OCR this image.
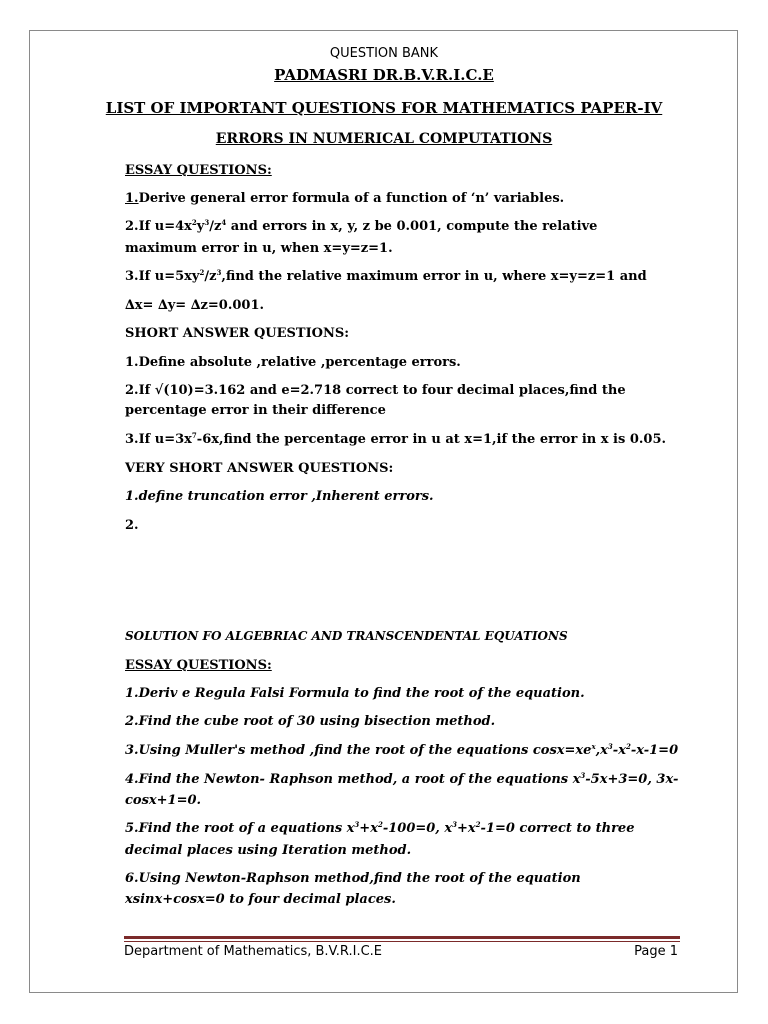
QUESTION BANK
PADMASRI DR.B.V.R.I.C.E
LIST OF IMPORTANT QUESTIONS FOR MATHEMATICS PAPER-IV
ERRORS IN NUMERICAL COMPUTATIONS
ESSAY QUESTIONS:
1.Derive general error formula of a function of ‘n’ variables.
2.If $u=4x^2y^3/z^4$ and errors in x, y, z be 0.001, compute the relative
maximum error in u, when x=y=z=1.
3.If $u=5xy^2/z^3,find$ the relative maximum error in u, where x=y=z=1 and
∆x= ∆y= ∆z=0.001.
SHORT ANSWER QUESTIONS:
1.Define absolute ,relative ,percentage errors.
2.If √(10)=3.162 and e=2.718 correct to four decimal places,find the
percentage error in their difference
3.If $u=3x^7-6x,find$ the percentage error in u at x=1,if the error in x is 0.05.
VERY SHORT ANSWER QUESTIONS:
1.define truncation error ,Inherent errors.
2.
SOLUTION FO ALGEBRIAC AND TRANSCENDENTAL EQUATIONS
ESSAY QUESTIONS:
1.Deriv e Regula Falsi Formula to find the root of the equation.
2.Find the cube root of 30 using bisection method.
3.Using Muller's method ,find the root of the equations $\cos x=xe^x,x^3-x^2-x-1=0$
4.Find the Newton- Raphson method, a root of the equations $x^3-5x+3=0$, 3x-
cosx+1=0.
5.Find the root of a equations $x^3+x^2-100=0$, $x^3+x^2-1=0$ correct to three
decimal places using Iteration method.
6.Using Newton-Raphson method,find the root of the equation
xsinx+cosx=0 to four decimal places.
Department of Mathematics, B.V.R.I.C.E	Page 1
